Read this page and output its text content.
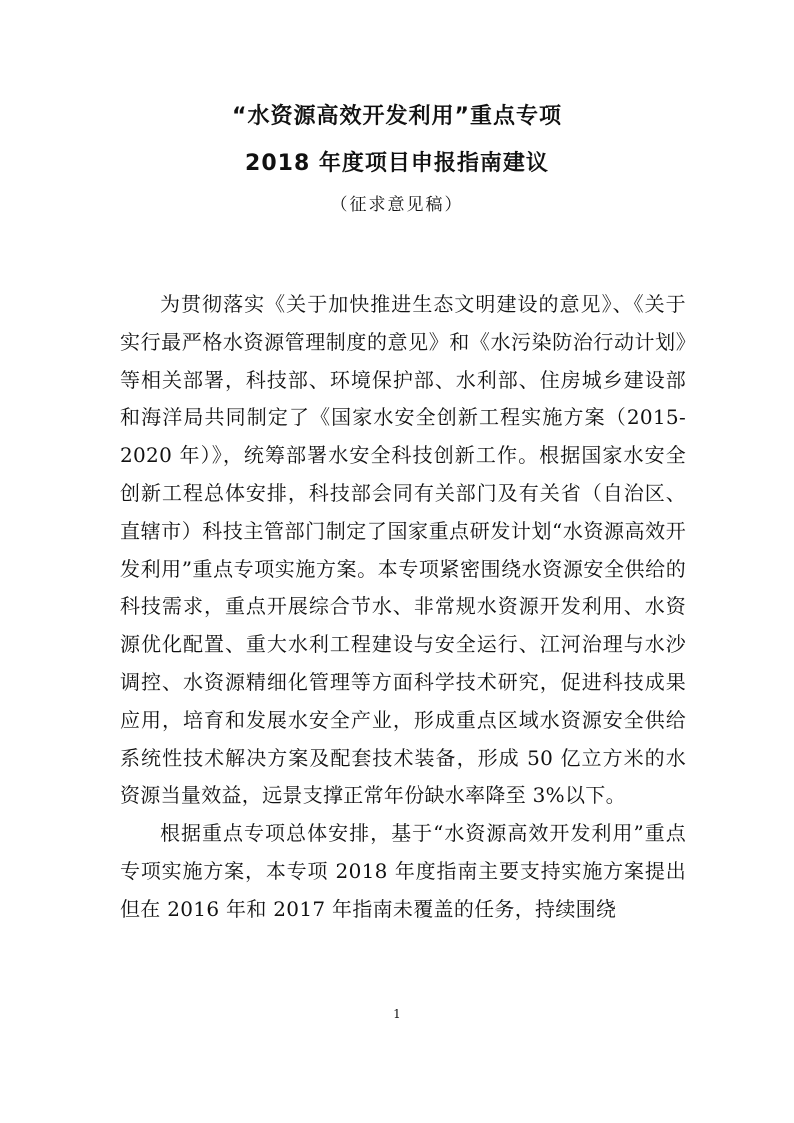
“水资源高效开发利用”重点专项
2018 年度项目申报指南建议

（征求意见稿）

为贯彻落实《关于加快推进生态文明建设的意见》、《关于实行最严格水资源管理制度的意见》和《水污染防治行动计划》等相关部署，科技部、环境保护部、水利部、住房城乡建设部和海洋局共同制定了《国家水安全创新工程实施方案（2015-2020 年）》，统筹部署水安全科技创新工作。根据国家水安全创新工程总体安排，科技部会同有关部门及有关省（自治区、直辖市）科技主管部门制定了国家重点研发计划“水资源高效开发利用”重点专项实施方案。本专项紧密围绕水资源安全供给的科技需求，重点开展综合节水、非常规水资源开发利用、水资源优化配置、重大水利工程建设与安全运行、江河治理与水沙调控、水资源精细化管理等方面科学技术研究，促进科技成果应用，培育和发展水安全产业，形成重点区域水资源安全供给系统性技术解决方案及配套技术装备，形成 50 亿立方米的水资源当量效益，远景支撑正常年份缺水率降至 3%以下。

根据重点专项总体安排，基于“水资源高效开发利用”重点专项实施方案，本专项 2018 年度指南主要支持实施方案提出但在 2016 年和 2017 年指南未覆盖的任务，持续围绕

1
